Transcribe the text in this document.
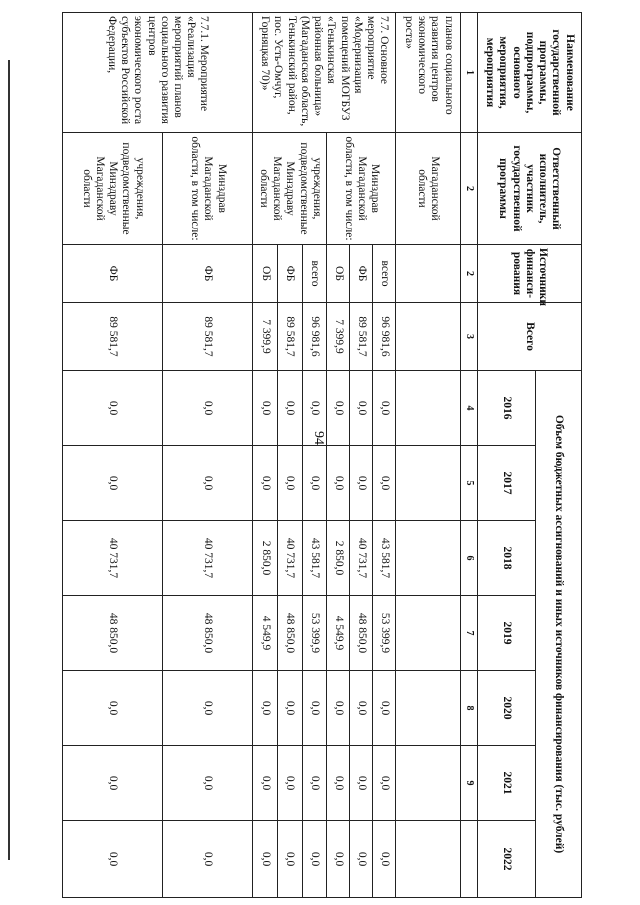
94
Наименование государственной программы, подпрограммы, основного мероприятия, мероприятия	Ответственный исполнитель, участник государственной программы	Источники финанси- рования	Всего	Объем бюджетных ассигнований и иных источников финансирования (тыс. рублей)						
				2016	2017	2018	2019	2020	2021	2022
1	2	2	3	4	5	6	7	8	9	
планов социального развития центров экономического роста»	Магаданской области									
7.7. Основное мероприятие «Модернизация помещений МОГБУЗ «Тенькинская районная больница» (Магаданская область, Тенькинский район, пос. Усть-Омчуг, Горняцкая 70)»	Минздрав Магаданской области, в том числе:	всего	96 981,6	0,0	0,0	43 581,7	53 399,9	0,0	0,0	0,0
		ФБ	89 581,7	0,0	0,0	40 731,7	48 850,0	0,0	0,0	0,0
		ОБ	7 399,9	0,0	0,0	2 850,0	4 549,9	0,0	0,0	0,0
	учреждения, подведомственные Минздраву Магаданской области	всего	96 981,6	0,0	0,0	43 581,7	53 399,9	0,0	0,0	0,0
		ФБ	89 581,7	0,0	0,0	40 731,7	48 850,0	0,0	0,0	0,0
		ОБ	7 399,9	0,0	0,0	2 850,0	4 549,9	0,0	0,0	0,0
7.7.1. Мероприятие «Реализация мероприятий планов социального развития центров экономического роста субъектов Российской Федерации,	Минздрав Магаданской области, в том числе:	ФБ	89 581,7	0,0	0,0	40 731,7	48 850,0	0,0	0,0	0,0
	учреждения, подведомственные Минздраву Магаданской области	ФБ	89 581,7	0,0	0,0	40 731,7	48 850,0	0,0	0,0	0,0
